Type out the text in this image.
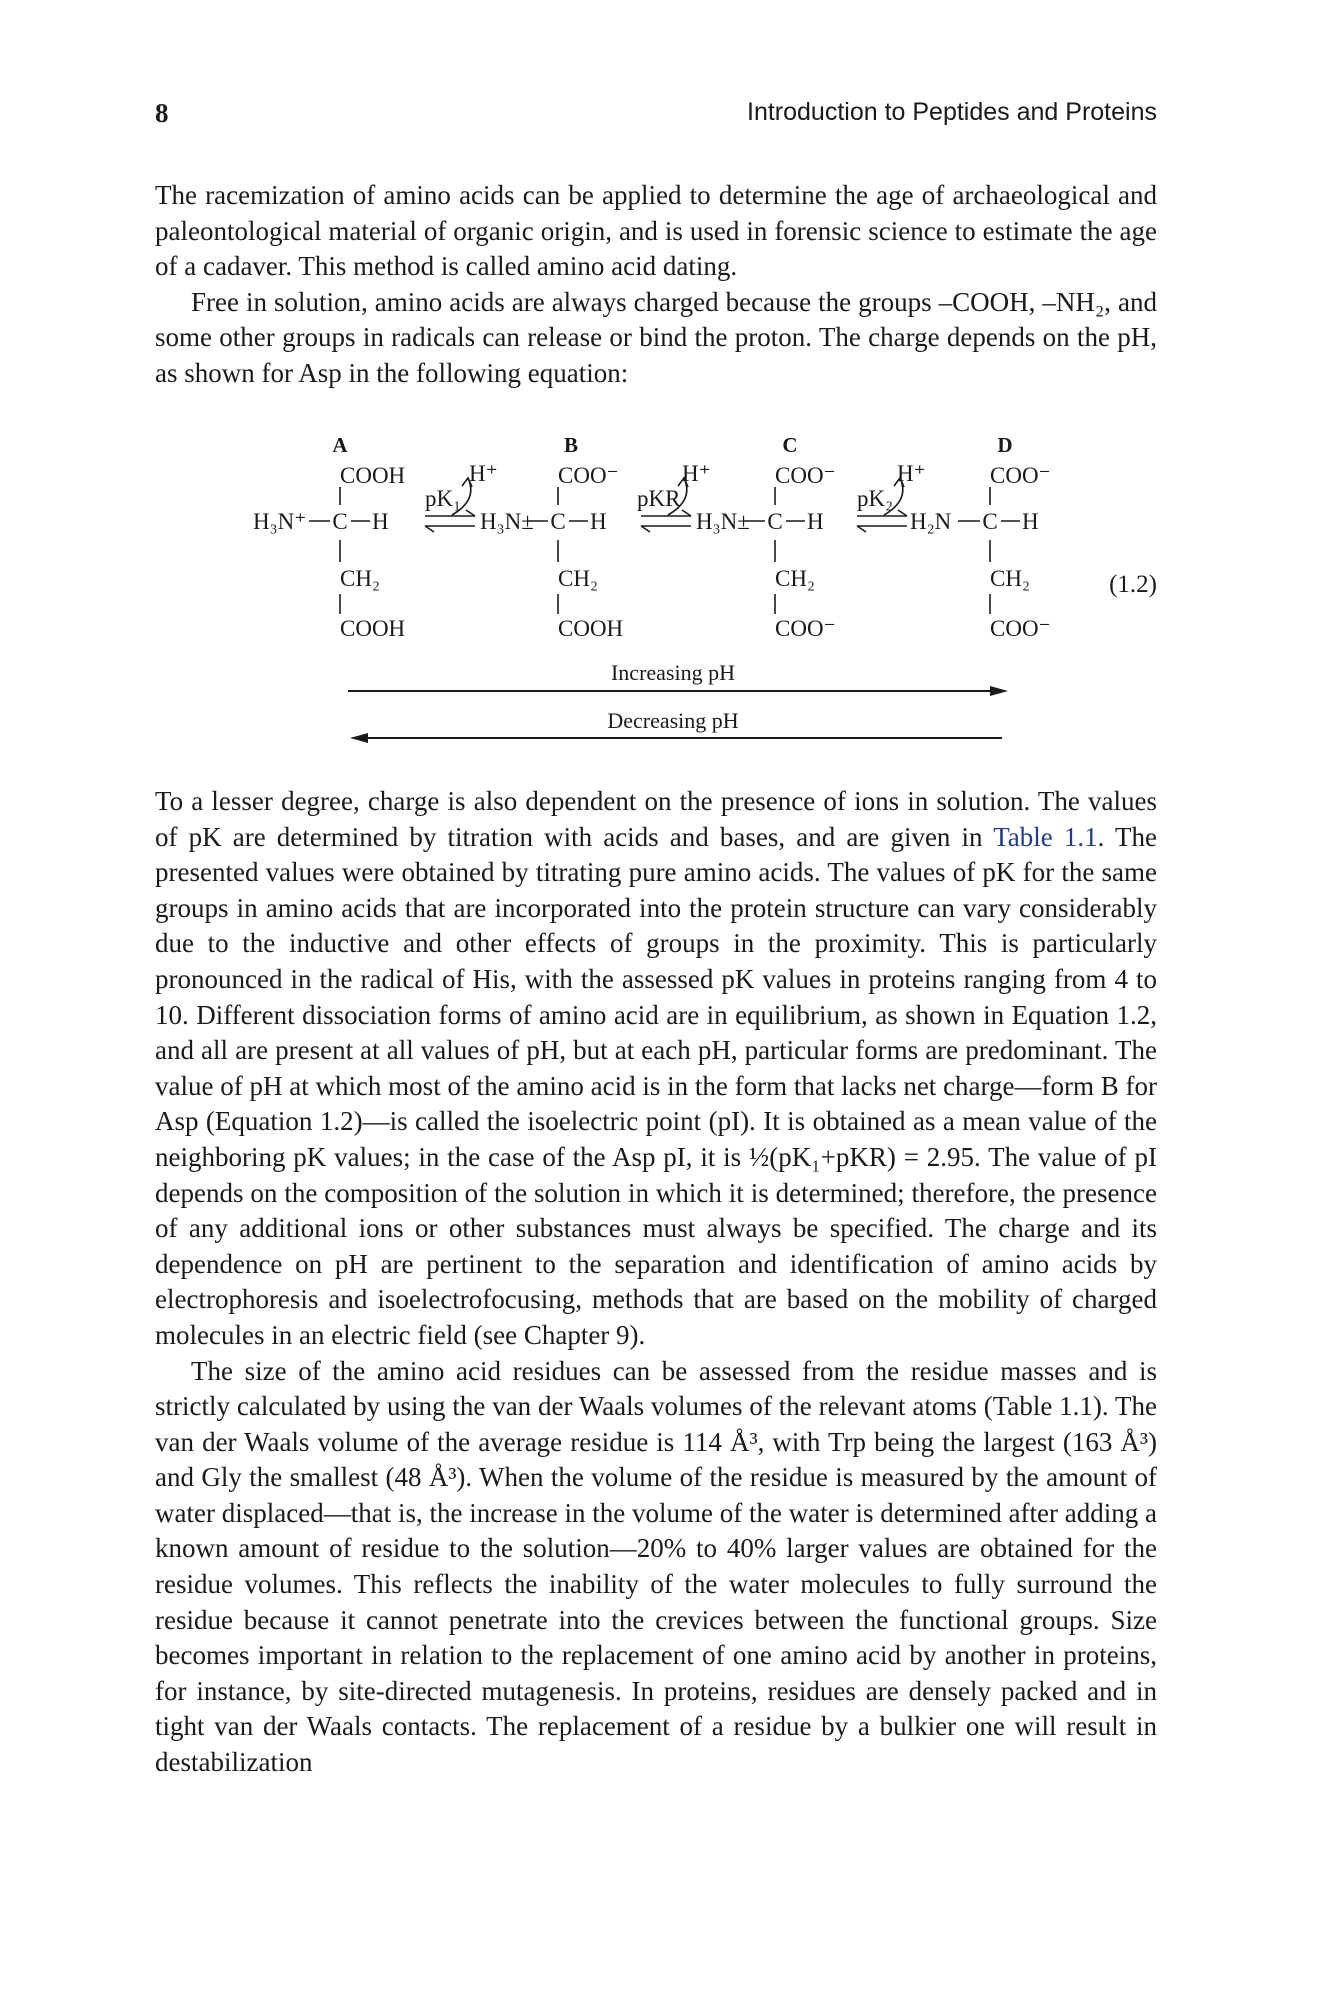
8	Introduction to Peptides and Proteins

The racemization of amino acids can be applied to determine the age of archaeological and paleontological material of organic origin, and is used in forensic science to estimate the age of a cadaver. This method is called amino acid dating.

Free in solution, amino acids are always charged because the groups –COOH, –NH₂, and some other groups in radicals can release or bind the proton. The charge depends on the pH, as shown for Asp in the following equation:

A	B	C	D
COOH	COO⁻	COO⁻	COO⁻
H⁺	H⁺	H⁺
pK₁	pKR	pK₂
H₃N⁺ C H	H₃N± C H	H₃N± C H	H₂N C H
CH₂	CH₂	CH₂	CH₂
COOH	COOH	COO⁻	COO⁻
(1.2)
Increasing pH
Decreasing pH

To a lesser degree, charge is also dependent on the presence of ions in solution. The values of pK are determined by titration with acids and bases, and are given in Table 1.1. The presented values were obtained by titrating pure amino acids. The values of pK for the same groups in amino acids that are incorporated into the protein structure can vary considerably due to the inductive and other effects of groups in the proximity. This is particularly pronounced in the radical of His, with the assessed pK values in proteins ranging from 4 to 10. Different dissociation forms of amino acid are in equilibrium, as shown in Equation 1.2, and all are present at all values of pH, but at each pH, particular forms are predominant. The value of pH at which most of the amino acid is in the form that lacks net charge—form B for Asp (Equation 1.2)—is called the isoelectric point (pI). It is obtained as a mean value of the neighboring pK values; in the case of the Asp pI, it is ½(pK₁+pKR) = 2.95. The value of pI depends on the composition of the solution in which it is determined; therefore, the presence of any additional ions or other substances must always be specified. The charge and its dependence on pH are pertinent to the separation and identification of amino acids by electrophoresis and isoelectrofocusing, methods that are based on the mobility of charged molecules in an electric field (see Chapter 9).

The size of the amino acid residues can be assessed from the residue masses and is strictly calculated by using the van der Waals volumes of the relevant atoms (Table 1.1). The van der Waals volume of the average residue is 114 Å³, with Trp being the largest (163 Å³) and Gly the smallest (48 Å³). When the volume of the residue is measured by the amount of water displaced—that is, the increase in the volume of the water is determined after adding a known amount of residue to the solution—20% to 40% larger values are obtained for the residue volumes. This reflects the inability of the water molecules to fully surround the residue because it cannot penetrate into the crevices between the functional groups. Size becomes important in relation to the replacement of one amino acid by another in proteins, for instance, by site-directed mutagenesis. In proteins, residues are densely packed and in tight van der Waals contacts. The replacement of a residue by a bulkier one will result in destabilization
